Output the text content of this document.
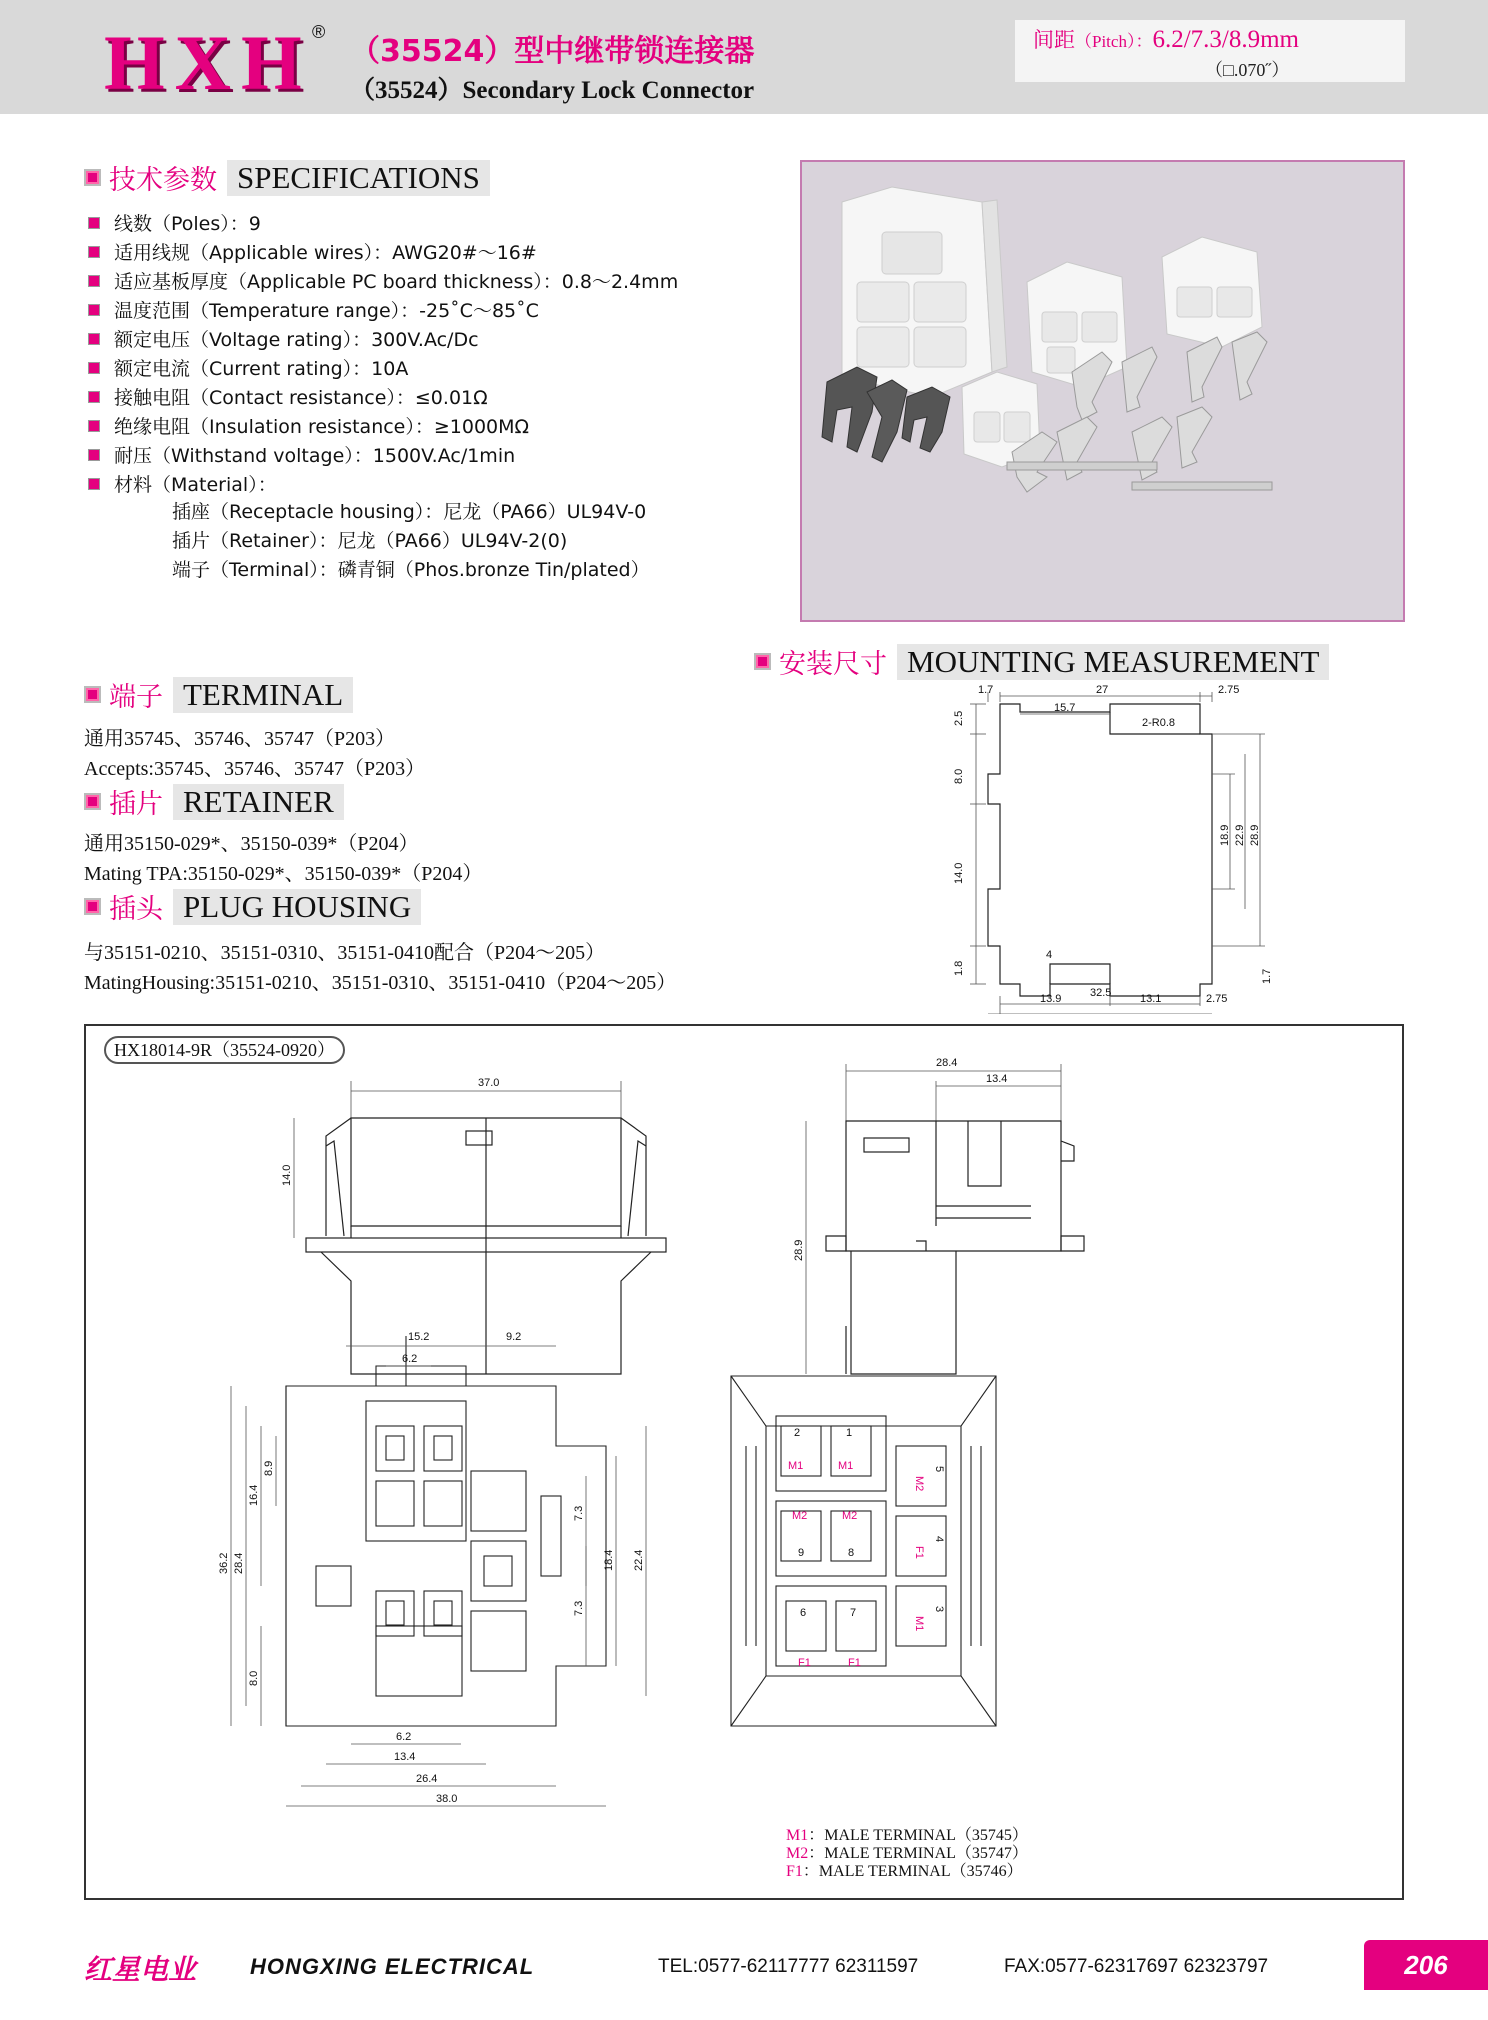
HXH ®
（35524）型中继带锁连接器
（35524）Secondary Lock Connector
间距（Pitch）：6.2/7.3/8.9mm
（□.070˝）
技术参数 SPECIFICATIONS
线数（Poles）：9
适用线规（Applicable wires）：AWG20#～16#
适应基板厚度（Applicable PC board thickness）：0.8～2.4mm
温度范围（Temperature range）：-25˚C～85˚C
额定电压（Voltage rating）：300V.Ac/Dc
额定电流（Current rating）：10A
接触电阻（Contact resistance）：≤0.01Ω
绝缘电阻（Insulation resistance）：≥1000MΩ
耐压（Withstand voltage）：1500V.Ac/1min
材料（Material）：
插座（Receptacle housing）：尼龙（PA66）UL94V-0
插片（Retainer）：尼龙（PA66）UL94V-2(0)
端子（Terminal）：磷青铜（Phos.bronze Tin/plated）
端子 TERMINAL
通用35745、35746、35747（P203）
Accepts:35745、35746、35747（P203）
插片 RETAINER
通用35150-029*、35150-039*（P204）
Mating TPA:35150-029*、35150-039*（P204）
插头 PLUG HOUSING
与35151-0210、35151-0310、35151-0410配合（P204～205）
MatingHousing:35151-0210、35151-0310、35151-0410（P204～205）
安装尺寸 MOUNTING MEASUREMENT
1.7	27	2.75
15.7
2-R0.8
2.5
8.0
14.0
1.8
18.9 22.9 28.9
4
13.9	13.1	2.75
32.5
1.7
HX18014-9R（35524-0920）
37.0
14.0
28.4
13.4
28.9
15.2	9.2
6.2
36.2 28.4
16.4
8.9
8.0
7.3
7.3
18.4 22.4
6.2
13.4
26.4
38.0
2	1
M1	M1
M2	M2
9	8
6	7
F1	F1
M2
5
F1
4
M1
3
M1：MALE TERMINAL（35745）
M2：MALE TERMINAL（35747）
F1：MALE TERMINAL（35746）
红星电业 HONGXING ELECTRICAL	TEL:0577-62117777 62311597	FAX:0577-62317697 62323797	206
